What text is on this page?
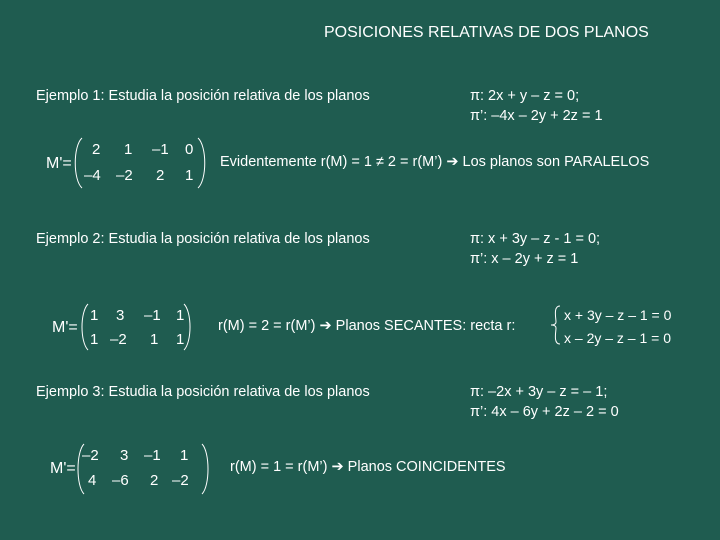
POSICIONES RELATIVAS DE DOS PLANOS
Ejemplo 1: Estudia la posición relativa de los planos	π: 2x + y – z = 0;
π’: –4x – 2y + 2z = 1
M'=
2 1 –1 0
–4 –2 2 1
Evidentemente r(M) = 1 ≠ 2 = r(M’) ➔ Los planos son PARALELOS
Ejemplo 2: Estudia la posición relativa de los planos	π: x + 3y – z - 1 = 0;
π’: x – 2y + z = 1
M'=
1 3 –1 1
1 –2 1 1
r(M) = 2 = r(M’) ➔ Planos SECANTES: recta r:
x + 3y – z – 1 = 0
x – 2y – z – 1 = 0
Ejemplo 3: Estudia la posición relativa de los planos	π: –2x + 3y – z = – 1;
π’: 4x – 6y + 2z – 2 = 0
M'=
–2 3 –1 1
4 –6 2 –2
r(M) = 1 = r(M’) ➔ Planos COINCIDENTES
